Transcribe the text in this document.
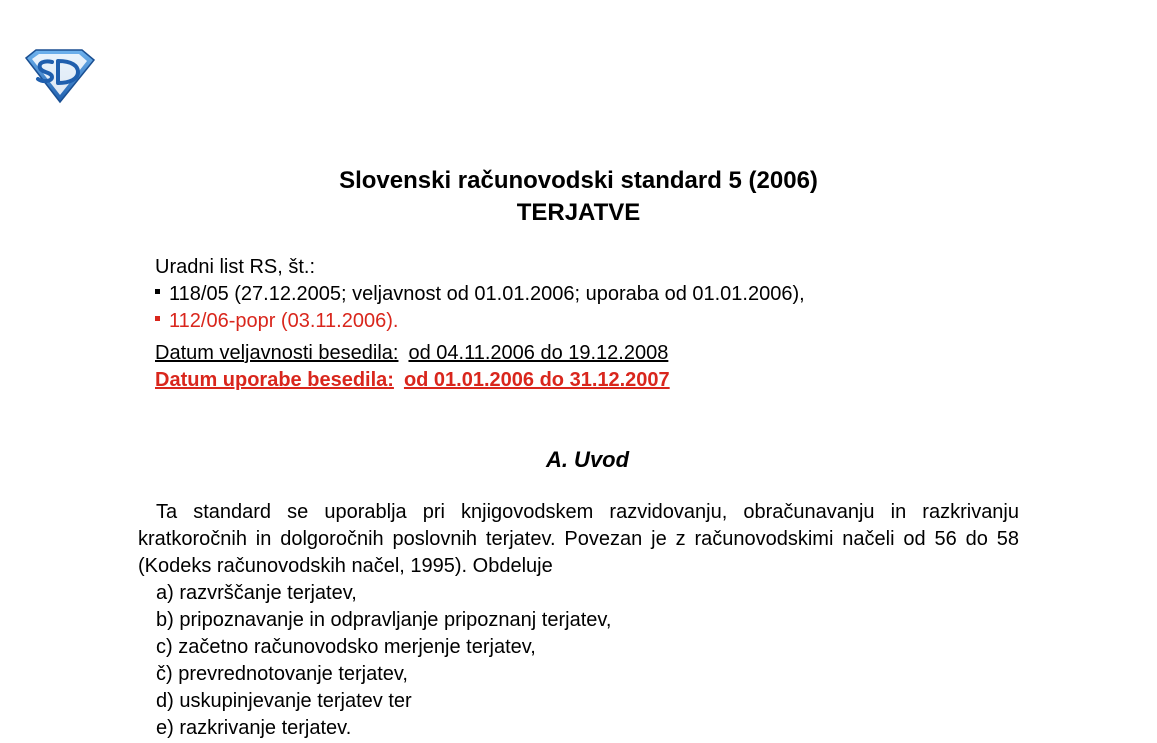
Slovenski računovodski standard 5 (2006)
TERJATVE
Uradni list RS, št.:
118/05 (27.12.2005; veljavnost od 01.01.2006; uporaba od 01.01.2006),
112/06-popr (03.11.2006).
Datum veljavnosti besedila: od 04.11.2006 do 19.12.2008
Datum uporabe besedila: od 01.01.2006 do 31.12.2007
A. Uvod
Ta standard se uporablja pri knjigovodskem razvidovanju, obračunavanju in razkrivanju kratkoročnih in dolgoročnih poslovnih terjatev. Povezan je z računovodskimi načeli od 56 do 58 (Kodeks računovodskih načel, 1995). Obdeluje
a) razvrščanje terjatev,
b) pripoznavanje in odpravljanje pripoznanj terjatev,
c) začetno računovodsko merjenje terjatev,
č) prevrednotovanje terjatev,
d) uskupinjevanje terjatev ter
e) razkrivanje terjatev.
